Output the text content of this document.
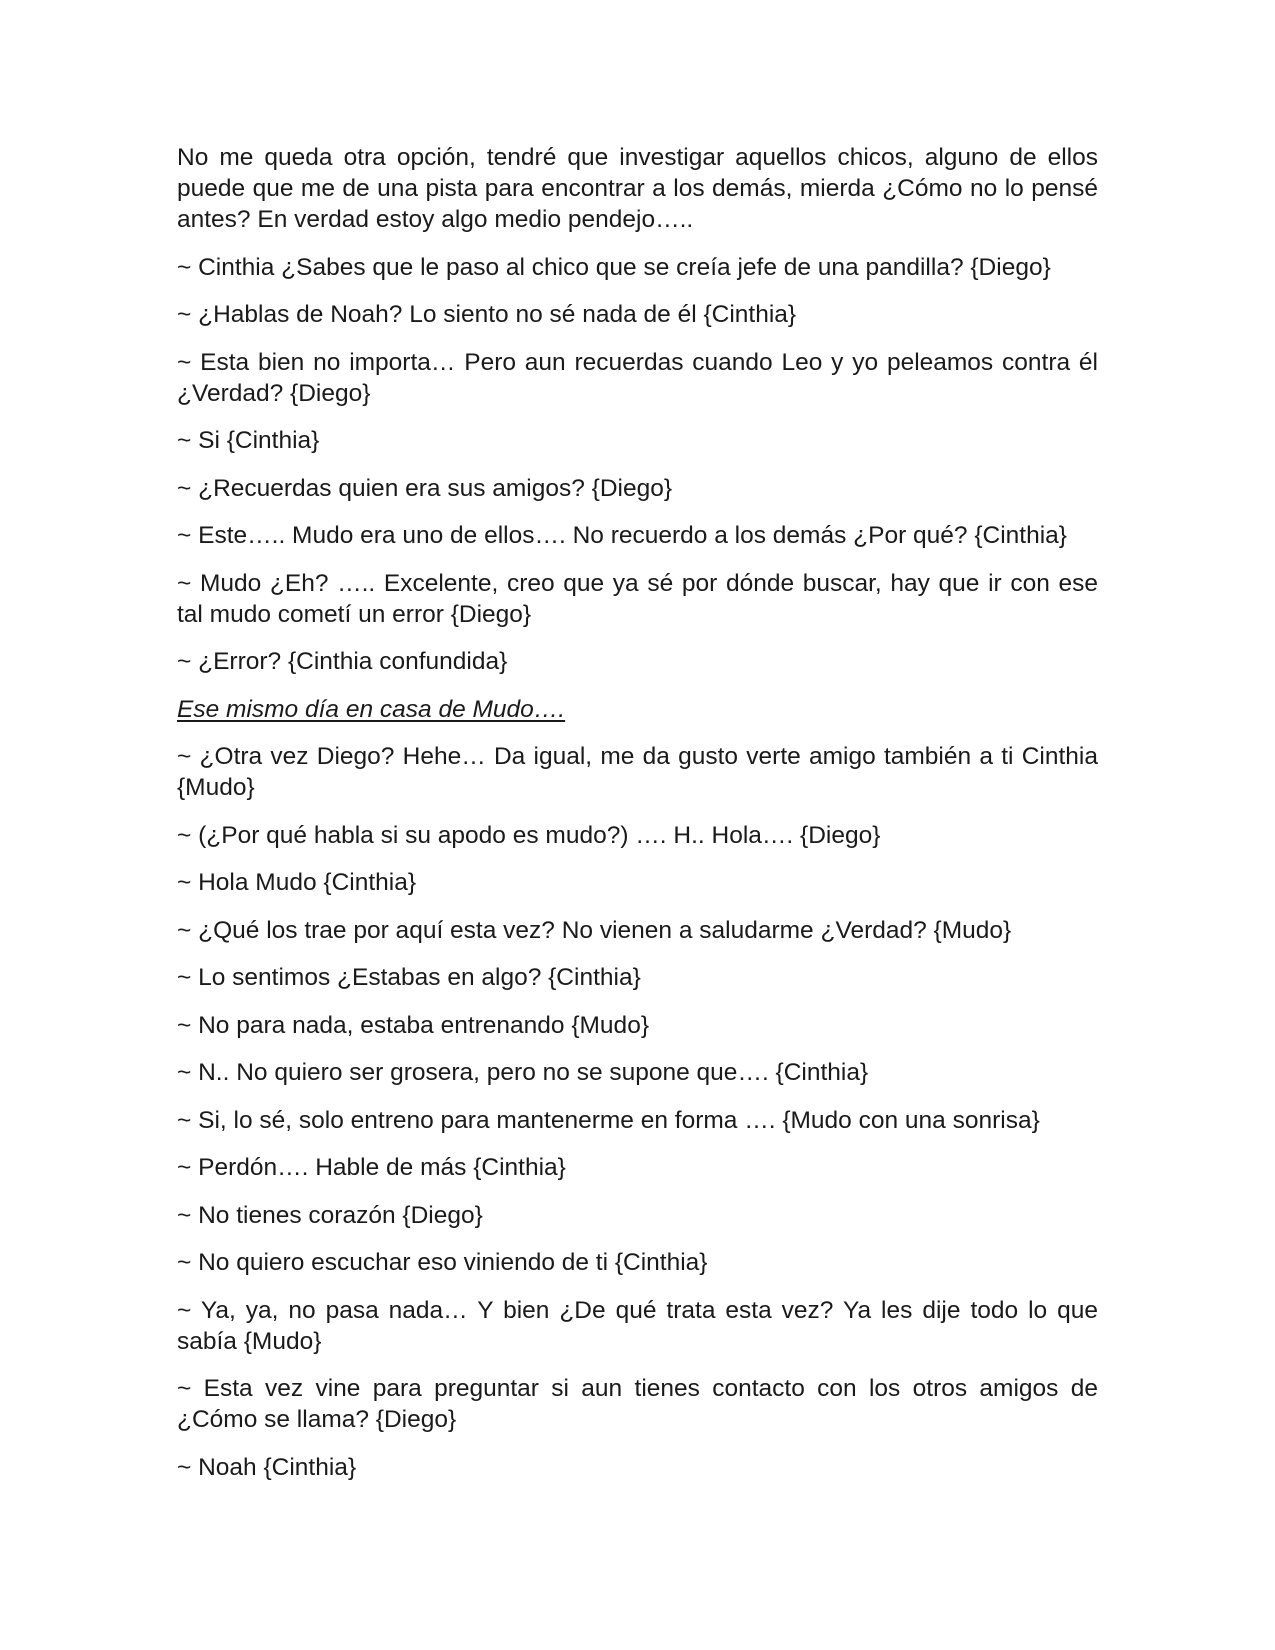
No me queda otra opción, tendré que investigar aquellos chicos, alguno de ellos puede que me de una pista para encontrar a los demás, mierda ¿Cómo no lo pensé antes? En verdad estoy algo medio pendejo…..

~ Cinthia ¿Sabes que le paso al chico que se creía jefe de una pandilla? {Diego}

~ ¿Hablas de Noah? Lo siento no sé nada de él {Cinthia}

~ Esta bien no importa… Pero aun recuerdas cuando Leo y yo peleamos contra él ¿Verdad? {Diego}

~ Si {Cinthia}

~ ¿Recuerdas quien era sus amigos? {Diego}

~ Este….. Mudo era uno de ellos…. No recuerdo a los demás ¿Por qué? {Cinthia}

~ Mudo ¿Eh? ….. Excelente, creo que ya sé por dónde buscar, hay que ir con ese tal mudo cometí un error {Diego}

~ ¿Error? {Cinthia confundida}

Ese mismo día en casa de Mudo….

~ ¿Otra vez Diego? Hehe… Da igual, me da gusto verte amigo también a ti Cinthia {Mudo}

~ (¿Por qué habla si su apodo es mudo?) …. H.. Hola…. {Diego}

~ Hola Mudo {Cinthia}

~ ¿Qué los trae por aquí esta vez? No vienen a saludarme ¿Verdad? {Mudo}

~ Lo sentimos ¿Estabas en algo? {Cinthia}

~ No para nada, estaba entrenando {Mudo}

~ N.. No quiero ser grosera, pero no se supone que…. {Cinthia}

~ Si, lo sé, solo entreno para mantenerme en forma …. {Mudo con una sonrisa}

~ Perdón…. Hable de más {Cinthia}

~ No tienes corazón {Diego}

~ No quiero escuchar eso viniendo de ti {Cinthia}

~ Ya, ya, no pasa nada… Y bien ¿De qué trata esta vez? Ya les dije todo lo que sabía {Mudo}

~ Esta vez vine para preguntar si aun tienes contacto con los otros amigos de ¿Cómo se llama? {Diego}

~ Noah {Cinthia}
